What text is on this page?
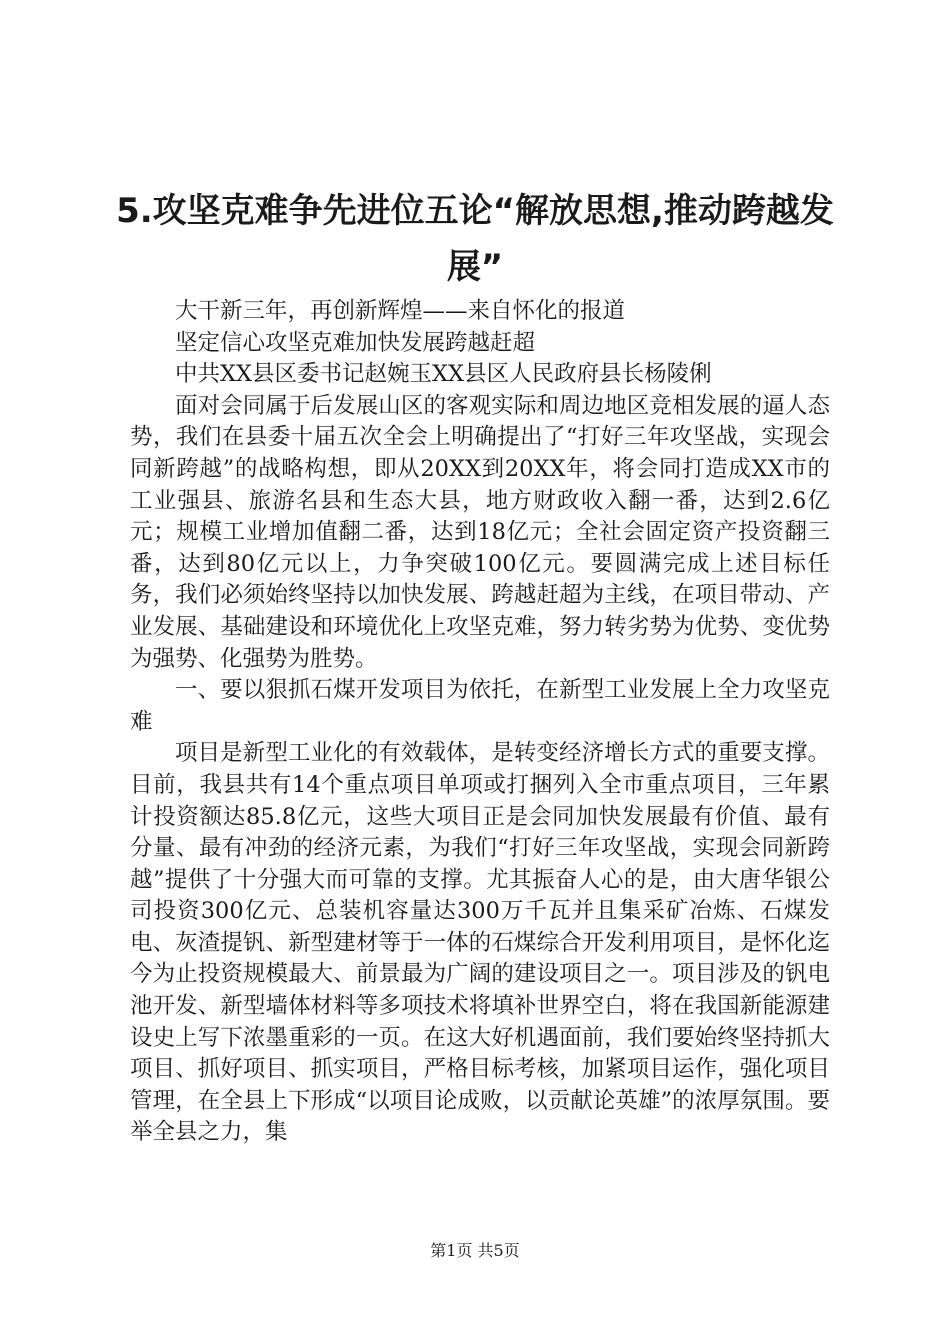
5.攻坚克难争先进位五论“解放思想,推动跨越发展”

大干新三年，再创新辉煌——来自怀化的报道

坚定信心攻坚克难加快发展跨越赶超

中共XX县区委书记赵婉玉XX县区人民政府县长杨陵俐

面对会同属于后发展山区的客观实际和周边地区竞相发展的逼人态势，我们在县委十届五次全会上明确提出了“打好三年攻坚战，实现会同新跨越”的战略构想，即从20XX到20XX年，将会同打造成XX市的工业强县、旅游名县和生态大县，地方财政收入翻一番，达到2.6亿元；规模工业增加值翻二番，达到18亿元；全社会固定资产投资翻三番，达到80亿元以上，力争突破100亿元。要圆满完成上述目标任务，我们必须始终坚持以加快发展、跨越赶超为主线，在项目带动、产业发展、基础建设和环境优化上攻坚克难，努力转劣势为优势、变优势为强势、化强势为胜势。

一、要以狠抓石煤开发项目为依托，在新型工业发展上全力攻坚克难

项目是新型工业化的有效载体，是转变经济增长方式的重要支撑。目前，我县共有14个重点项目单项或打捆列入全市重点项目，三年累计投资额达85.8亿元，这些大项目正是会同加快发展最有价值、最有分量、最有冲劲的经济元素，为我们“打好三年攻坚战，实现会同新跨越”提供了十分强大而可靠的支撑。尤其振奋人心的是，由大唐华银公司投资300亿元、总装机容量达300万千瓦并且集采矿冶炼、石煤发电、灰渣提钒、新型建材等于一体的石煤综合开发利用项目，是怀化迄今为止投资规模最大、前景最为广阔的建设项目之一。项目涉及的钒电池开发、新型墙体材料等多项技术将填补世界空白，将在我国新能源建设史上写下浓墨重彩的一页。在这大好机遇面前，我们要始终坚持抓大项目、抓好项目、抓实项目，严格目标考核，加紧项目运作，强化项目管理，在全县上下形成“以项目论成败，以贡献论英雄”的浓厚氛围。要举全县之力，集

第1页 共5页
